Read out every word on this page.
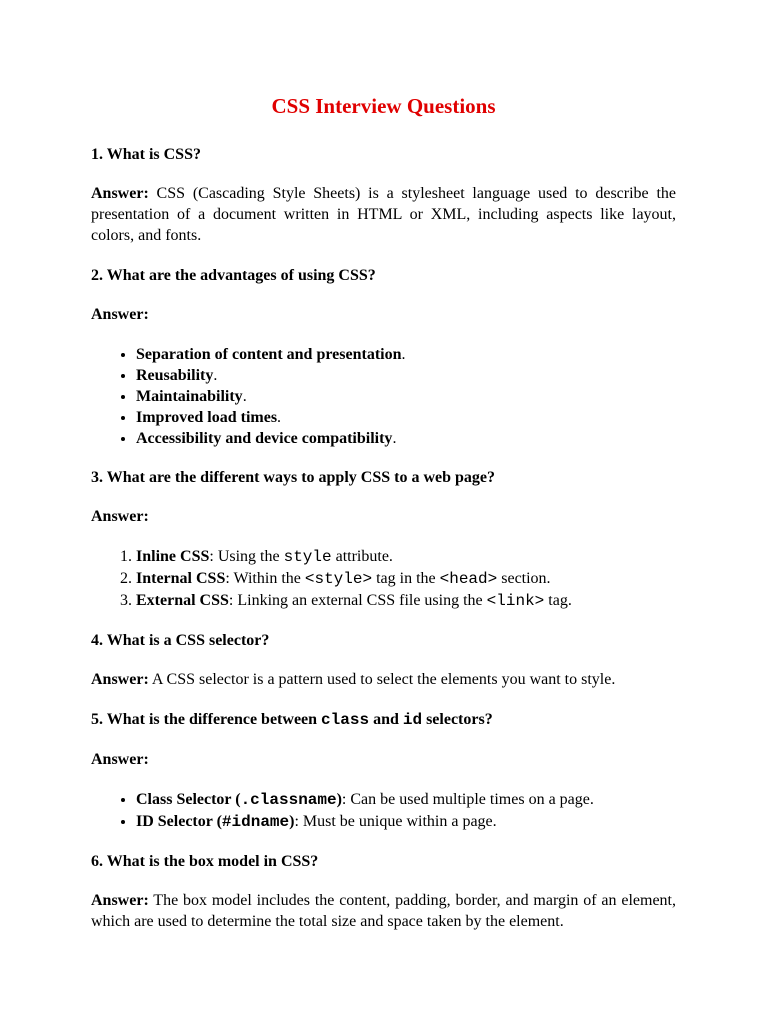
CSS Interview Questions
1. What is CSS?
Answer: CSS (Cascading Style Sheets) is a stylesheet language used to describe the presentation of a document written in HTML or XML, including aspects like layout, colors, and fonts.
2. What are the advantages of using CSS?
Answer:
• Separation of content and presentation.
• Reusability.
• Maintainability.
• Improved load times.
• Accessibility and device compatibility.
3. What are the different ways to apply CSS to a web page?
Answer:
1. Inline CSS: Using the style attribute.
2. Internal CSS: Within the <style> tag in the <head> section.
3. External CSS: Linking an external CSS file using the <link> tag.
4. What is a CSS selector?
Answer: A CSS selector is a pattern used to select the elements you want to style.
5. What is the difference between class and id selectors?
Answer:
• Class Selector (.classname): Can be used multiple times on a page.
• ID Selector (#idname): Must be unique within a page.
6. What is the box model in CSS?
Answer: The box model includes the content, padding, border, and margin of an element, which are used to determine the total size and space taken by the element.
